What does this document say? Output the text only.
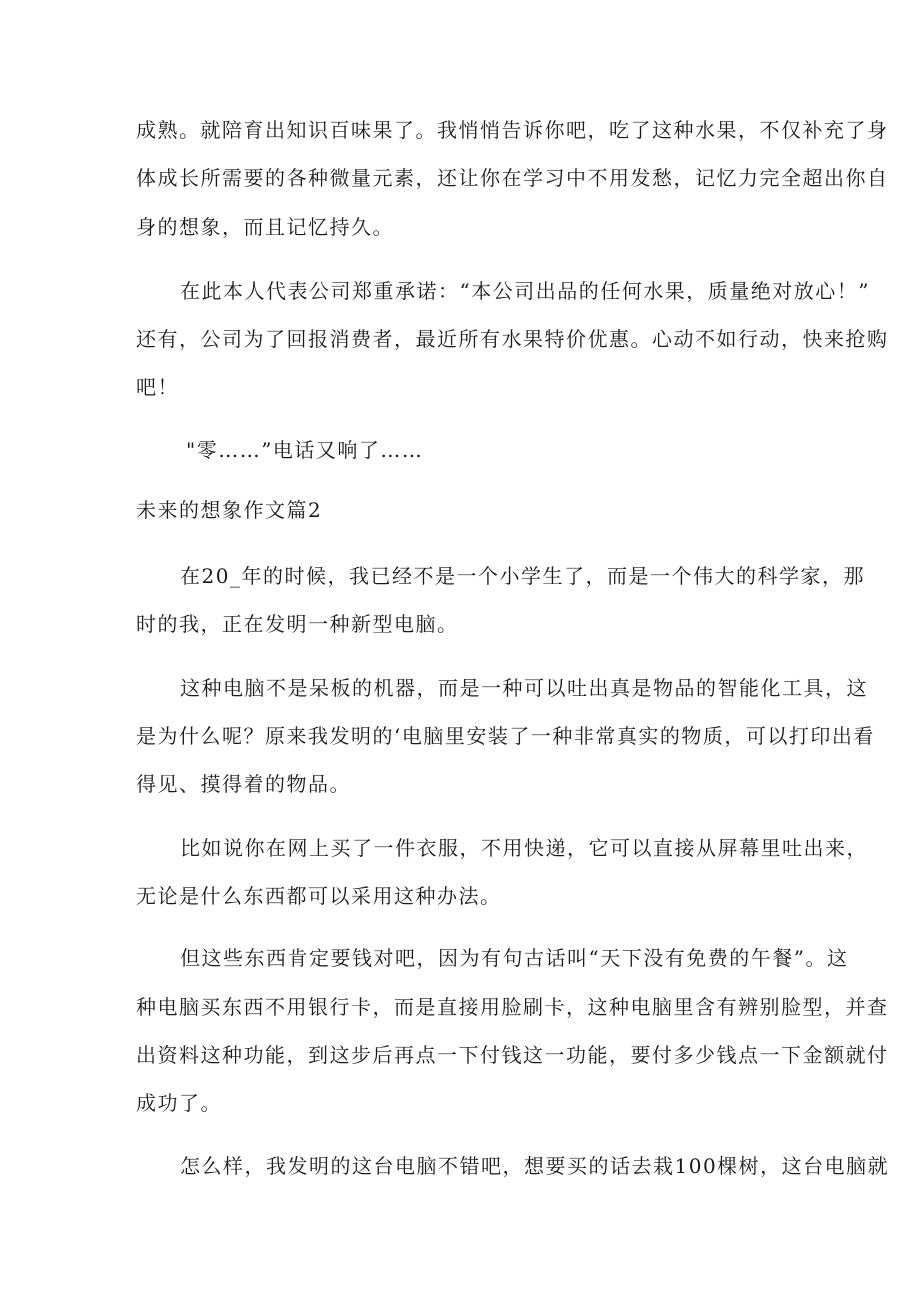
成熟。就陪育出知识百味果了。我悄悄告诉你吧，吃了这种水果，不仅补充了身
体成长所需要的各种微量元素，还让你在学习中不用发愁，记忆力完全超出你自
身的想象，而且记忆持久。
在此本人代表公司郑重承诺：“本公司出品的任何水果，质量绝对放心！”
还有，公司为了回报消费者，最近所有水果特价优惠。心动不如行动，快来抢购
吧！
"零……”电话又响了……
未来的想象作文篇2
在20_年的时候，我已经不是一个小学生了，而是一个伟大的科学家，那
时的我，正在发明一种新型电脑。
这种电脑不是呆板的机器，而是一种可以吐出真是物品的智能化工具，这
是为什么呢？原来我发明的‘电脑里安装了一种非常真实的物质，可以打印出看
得见、摸得着的物品。
比如说你在网上买了一件衣服，不用快递，它可以直接从屏幕里吐出来，
无论是什么东西都可以采用这种办法。
但这些东西肯定要钱对吧，因为有句古话叫“天下没有免费的午餐”。这
种电脑买东西不用银行卡，而是直接用脸刷卡，这种电脑里含有辨别脸型，并查
出资料这种功能，到这步后再点一下付钱这一功能，要付多少钱点一下金额就付
成功了。
怎么样，我发明的这台电脑不错吧，想要买的话去栽100棵树，这台电脑就
